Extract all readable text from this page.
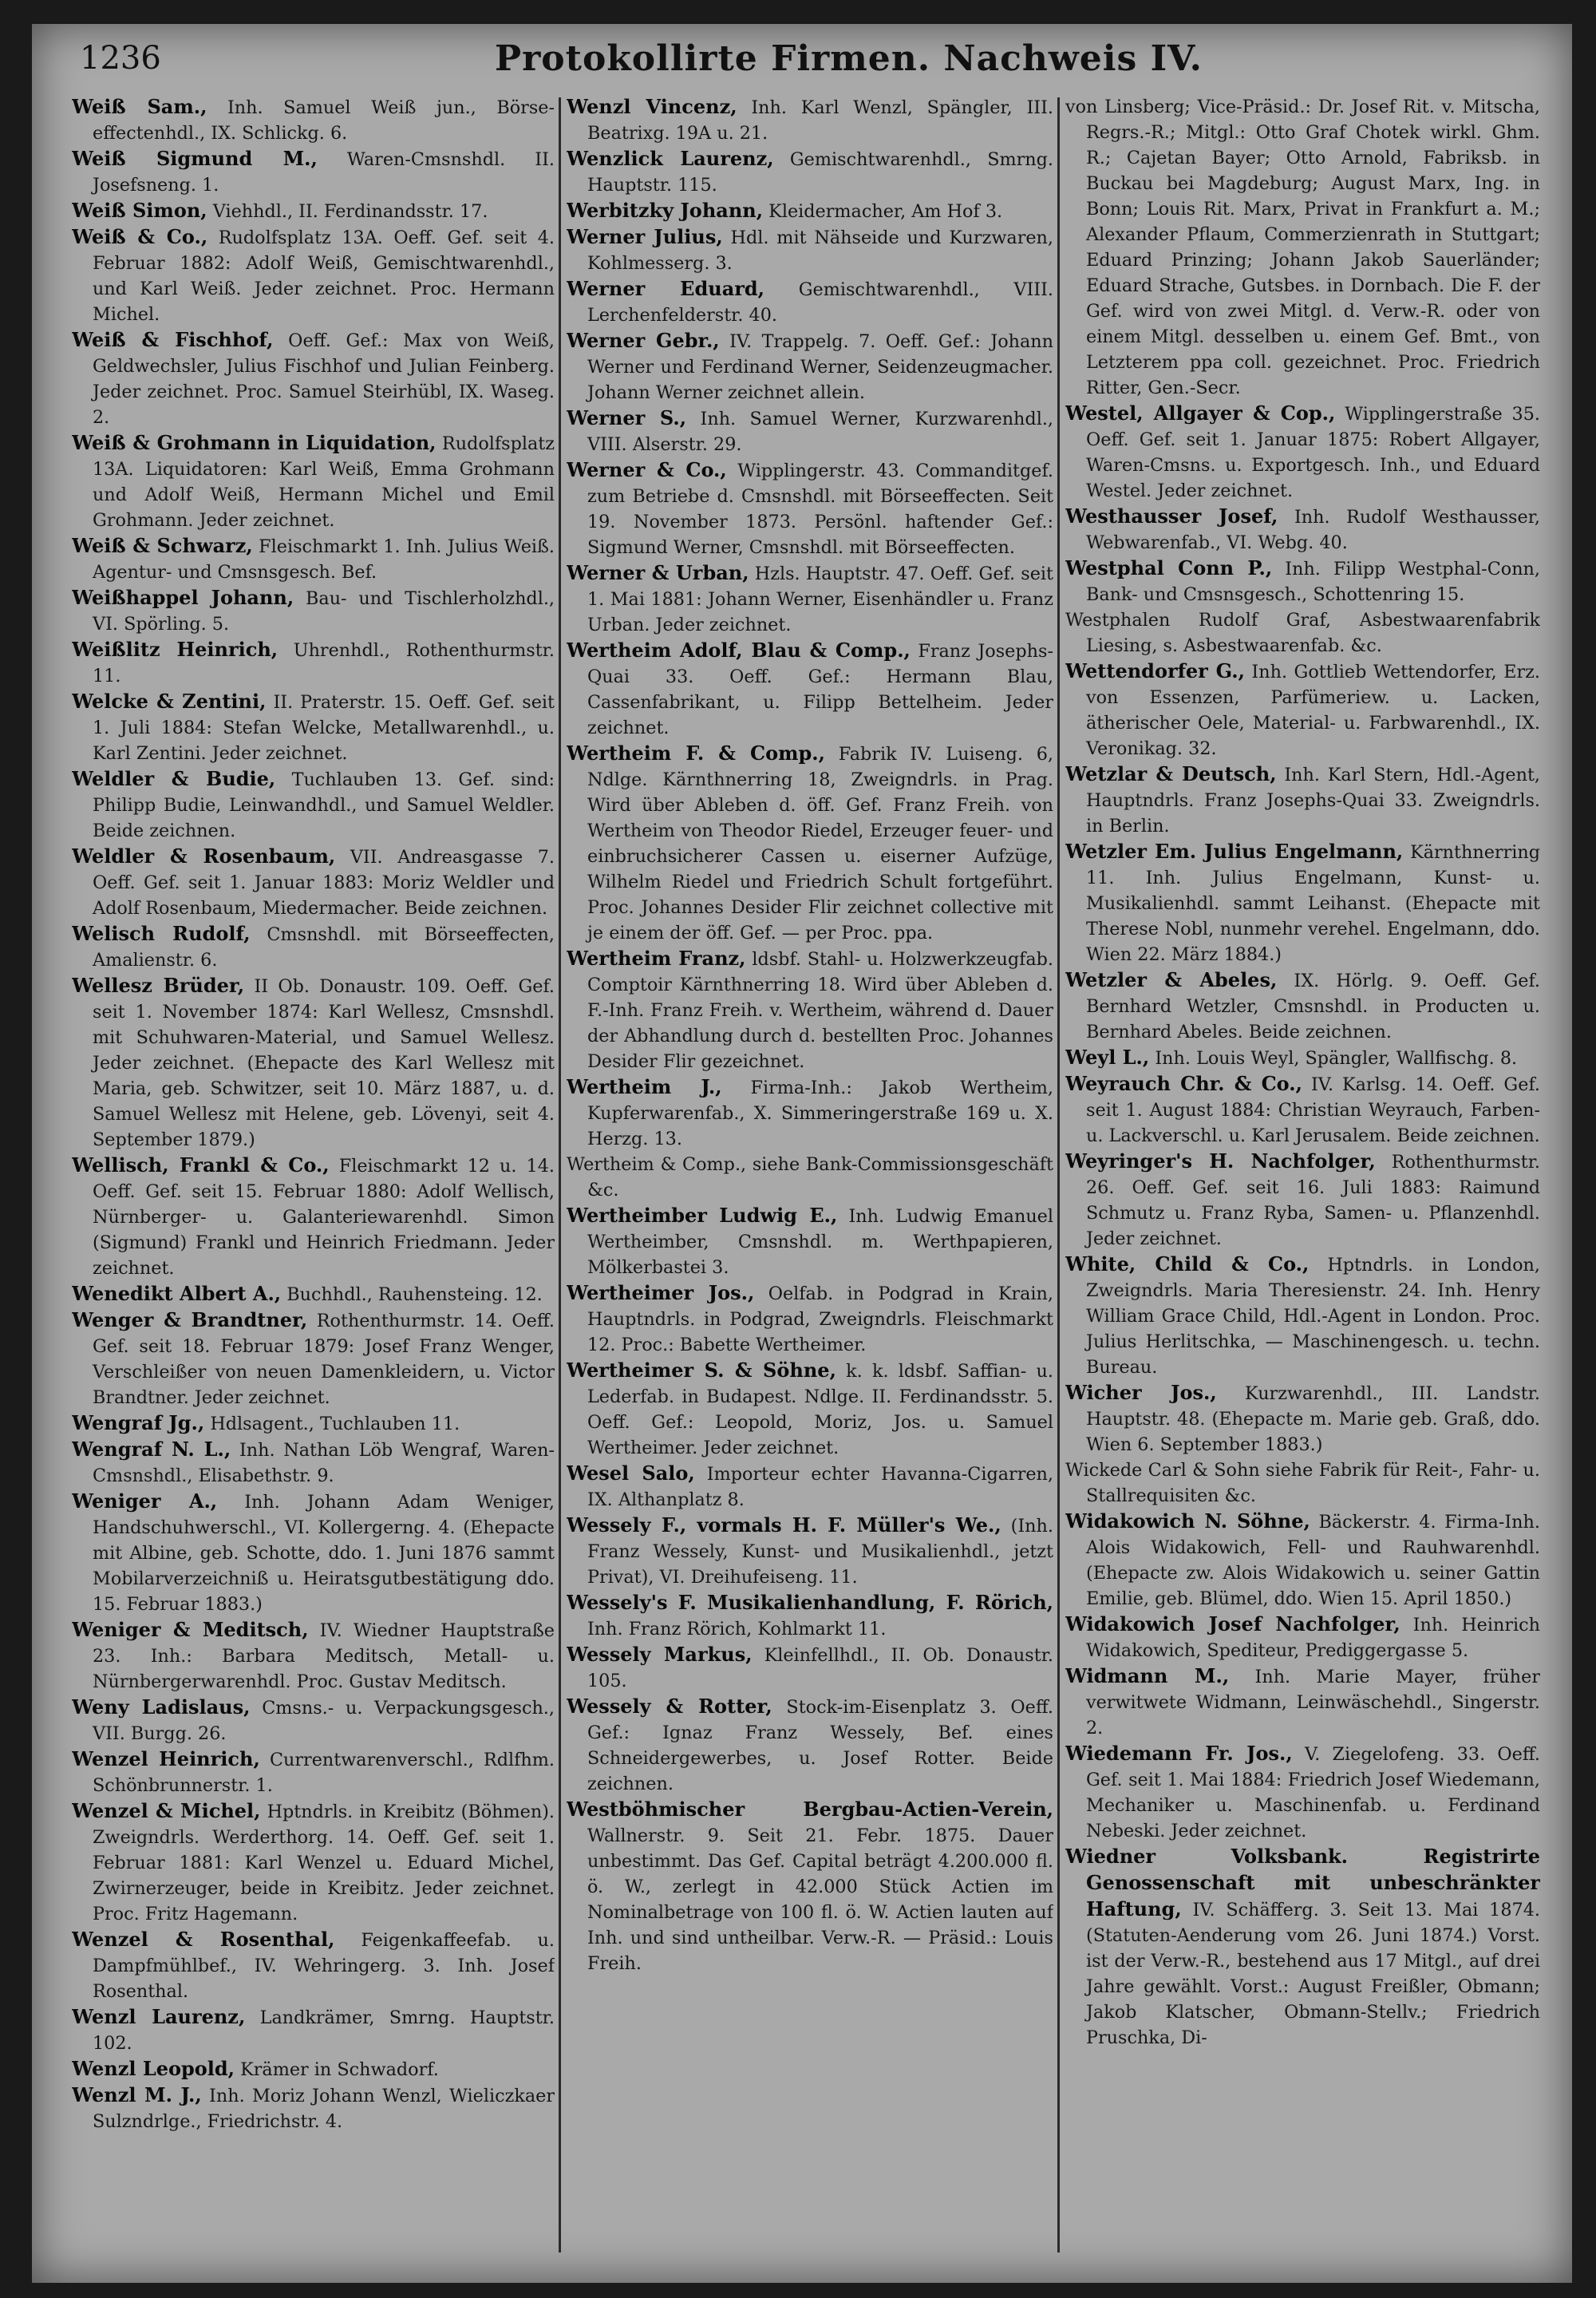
1236	Protokollirte Firmen. Nachweis IV.

Weiß Sam., Inh. Samuel Weiß jun., Börse-effectenhdl., IX. Schlickg. 6.

Weiß Sigmund M., Waren-Cmsnshdl. II. Josefsneng. 1.

Weiß Simon, Viehhdl., II. Ferdinandsstr. 17.

Weiß & Co., Rudolfsplatz 13A. Oeff. Gef. seit 4. Februar 1882: Adolf Weiß, Gemischtwarenhdl., und Karl Weiß. Jeder zeichnet. Proc. Hermann Michel.

Weiß & Fischhof, Oeff. Gef.: Max von Weiß, Geldwechsler, Julius Fischhof und Julian Feinberg. Jeder zeichnet. Proc. Samuel Steirhübl, IX. Waseg. 2.

Weiß & Grohmann in Liquidation, Rudolfsplatz 13A. Liquidatoren: Karl Weiß, Emma Grohmann und Adolf Weiß, Hermann Michel und Emil Grohmann. Jeder zeichnet.

Weiß & Schwarz, Fleischmarkt 1. Inh. Julius Weiß. Agentur- und Cmsnsgesch. Bef.

Weißhappel Johann, Bau- und Tischlerholzhdl., VI. Spörling. 5.

Weißlitz Heinrich, Uhrenhdl., Rothenthurmstr. 11.

Welcke & Zentini, II. Praterstr. 15. Oeff. Gef. seit 1. Juli 1884: Stefan Welcke, Metallwarenhdl., u. Karl Zentini. Jeder zeichnet.

Weldler & Budie, Tuchlauben 13. Gef. sind: Philipp Budie, Leinwandhdl., und Samuel Weldler. Beide zeichnen.

Weldler & Rosenbaum, VII. Andreasgasse 7. Oeff. Gef. seit 1. Januar 1883: Moriz Weldler und Adolf Rosenbaum, Miedermacher. Beide zeichnen.

Welisch Rudolf, Cmsnshdl. mit Börseeffecten, Amalienstr. 6.

Wellesz Brüder, II Ob. Donaustr. 109. Oeff. Gef. seit 1. November 1874: Karl Wellesz, Cmsnshdl. mit Schuhwaren-Material, und Samuel Wellesz. Jeder zeichnet. (Ehepacte des Karl Wellesz mit Maria, geb. Schwitzer, seit 10. März 1887, u. d. Samuel Wellesz mit Helene, geb. Lövenyi, seit 4. September 1879.)

Wellisch, Frankl & Co., Fleischmarkt 12 u. 14. Oeff. Gef. seit 15. Februar 1880: Adolf Wellisch, Nürnberger- u. Galanteriewarenhdl. Simon (Sigmund) Frankl und Heinrich Friedmann. Jeder zeichnet.

Wenedikt Albert A., Buchhdl., Rauhensteing. 12.

Wenger & Brandtner, Rothenthurmstr. 14. Oeff. Gef. seit 18. Februar 1879: Josef Franz Wenger, Verschleißer von neuen Damenkleidern, u. Victor Brandtner. Jeder zeichnet.

Wengraf Jg., Hdlsagent., Tuchlauben 11.

Wengraf N. L., Inh. Nathan Löb Wengraf, Waren-Cmsnshdl., Elisabethstr. 9.

Weniger A., Inh. Johann Adam Weniger, Handschuhwerschl., VI. Kollergerng. 4. (Ehepacte mit Albine, geb. Schotte, ddo. 1. Juni 1876 sammt Mobilarverzeichniß u. Heiratsgutbestätigung ddo. 15. Februar 1883.)

Weniger & Meditsch, IV. Wiedner Hauptstraße 23. Inh.: Barbara Meditsch, Metall- u. Nürnbergerwarenhdl. Proc. Gustav Meditsch.

Weny Ladislaus, Cmsns.- u. Verpackungsgesch., VII. Burgg. 26.

Wenzel Heinrich, Currentwarenverschl., Rdlfhm. Schönbrunnerstr. 1.

Wenzel & Michel, Hptndrls. in Kreibitz (Böhmen). Zweigndrls. Werderthorg. 14. Oeff. Gef. seit 1. Februar 1881: Karl Wenzel u. Eduard Michel, Zwirnerzeuger, beide in Kreibitz. Jeder zeichnet. Proc. Fritz Hagemann.

Wenzel & Rosenthal, Feigenkaffeefab. u. Dampfmühlbef., IV. Wehringerg. 3. Inh. Josef Rosenthal.

Wenzl Laurenz, Landkrämer, Smrng. Hauptstr. 102.

Wenzl Leopold, Krämer in Schwadorf.

Wenzl M. J., Inh. Moriz Johann Wenzl, Wieliczkaer Sulzndrlge., Friedrichstr. 4.

Wenzl Vincenz, Inh. Karl Wenzl, Spängler, III. Beatrixg. 19A u. 21.

Wenzlick Laurenz, Gemischtwarenhdl., Smrng. Hauptstr. 115.

Werbitzky Johann, Kleidermacher, Am Hof 3.

Werner Julius, Hdl. mit Nähseide und Kurzwaren, Kohlmesserg. 3.

Werner Eduard, Gemischtwarenhdl., VIII. Lerchenfelderstr. 40.

Werner Gebr., IV. Trappelg. 7. Oeff. Gef.: Johann Werner und Ferdinand Werner, Seidenzeugmacher. Johann Werner zeichnet allein.

Werner S., Inh. Samuel Werner, Kurzwarenhdl., VIII. Alserstr. 29.

Werner & Co., Wipplingerstr. 43. Commanditgef. zum Betriebe d. Cmsnshdl. mit Börseeffecten. Seit 19. November 1873. Persönl. haftender Gef.: Sigmund Werner, Cmsnshdl. mit Börseeffecten.

Werner & Urban, Hzls. Hauptstr. 47. Oeff. Gef. seit 1. Mai 1881: Johann Werner, Eisenhändler u. Franz Urban. Jeder zeichnet.

Wertheim Adolf, Blau & Comp., Franz Josephs-Quai 33. Oeff. Gef.: Hermann Blau, Cassenfabrikant, u. Filipp Bettelheim. Jeder zeichnet.

Wertheim F. & Comp., Fabrik IV. Luiseng. 6, Ndlge. Kärnthnerring 18, Zweigndrls. in Prag. Wird über Ableben d. öff. Gef. Franz Freih. von Wertheim von Theodor Riedel, Erzeuger feuer- und einbruchsicherer Cassen u. eiserner Aufzüge, Wilhelm Riedel und Friedrich Schult fortgeführt. Proc. Johannes Desider Flir zeichnet collective mit je einem der öff. Gef. — per Proc. ppa.

Wertheim Franz, ldsbf. Stahl- u. Holzwerkzeugfab. Comptoir Kärnthnerring 18. Wird über Ableben d. F.-Inh. Franz Freih. v. Wertheim, während d. Dauer der Abhandlung durch d. bestellten Proc. Johannes Desider Flir gezeichnet.

Wertheim J., Firma-Inh.: Jakob Wertheim, Kupferwarenfab., X. Simmeringerstraße 169 u. X. Herzg. 13.

Wertheim & Comp., siehe Bank-Commissionsgeschäft &c.

Wertheimber Ludwig E., Inh. Ludwig Emanuel Wertheimber, Cmsnshdl. m. Werthpapieren, Mölkerbastei 3.

Wertheimer Jos., Oelfab. in Podgrad in Krain, Hauptndrls. in Podgrad, Zweigndrls. Fleischmarkt 12. Proc.: Babette Wertheimer.

Wertheimer S. & Söhne, k. k. ldsbf. Saffian- u. Lederfab. in Budapest. Ndlge. II. Ferdinandsstr. 5. Oeff. Gef.: Leopold, Moriz, Jos. u. Samuel Wertheimer. Jeder zeichnet.

Wesel Salo, Importeur echter Havanna-Cigarren, IX. Althanplatz 8.

Wessely F., vormals H. F. Müller's We., (Inh. Franz Wessely, Kunst- und Musikalienhdl., jetzt Privat), VI. Dreihufeiseng. 11.

Wessely's F. Musikalienhandlung, F. Rörich, Inh. Franz Rörich, Kohlmarkt 11.

Wessely Markus, Kleinfellhdl., II. Ob. Donaustr. 105.

Wessely & Rotter, Stock-im-Eisenplatz 3. Oeff. Gef.: Ignaz Franz Wessely, Bef. eines Schneidergewerbes, u. Josef Rotter. Beide zeichnen.

Westböhmischer Bergbau-Actien-Verein, Wallnerstr. 9. Seit 21. Febr. 1875. Dauer unbestimmt. Das Gef. Capital beträgt 4.200.000 fl. ö. W., zerlegt in 42.000 Stück Actien im Nominalbetrage von 100 fl. ö. W. Actien lauten auf Inh. und sind untheilbar. Verw.-R. — Präsid.: Louis Freih.

von Linsberg; Vice-Präsid.: Dr. Josef Rit. v. Mitscha, Regrs.-R.; Mitgl.: Otto Graf Chotek wirkl. Ghm. R.; Cajetan Bayer; Otto Arnold, Fabriksb. in Buckau bei Magdeburg; August Marx, Ing. in Bonn; Louis Rit. Marx, Privat in Frankfurt a. M.; Alexander Pflaum, Commerzienrath in Stuttgart; Eduard Prinzing; Johann Jakob Sauerländer; Eduard Strache, Gutsbes. in Dornbach. Die F. der Gef. wird von zwei Mitgl. d. Verw.-R. oder von einem Mitgl. desselben u. einem Gef. Bmt., von Letzterem ppa coll. gezeichnet. Proc. Friedrich Ritter, Gen.-Secr.

Westel, Allgayer & Cop., Wipplingerstraße 35. Oeff. Gef. seit 1. Januar 1875: Robert Allgayer, Waren-Cmsns. u. Exportgesch. Inh., und Eduard Westel. Jeder zeichnet.

Westhausser Josef, Inh. Rudolf Westhausser, Webwarenfab., VI. Webg. 40.

Westphal Conn P., Inh. Filipp Westphal-Conn, Bank- und Cmsnsgesch., Schottenring 15.

Westphalen Rudolf Graf, Asbestwaarenfabrik Liesing, s. Asbestwaarenfab. &c.

Wettendorfer G., Inh. Gottlieb Wettendorfer, Erz. von Essenzen, Parfümeriew. u. Lacken, ätherischer Oele, Material- u. Farbwarenhdl., IX. Veronikag. 32.

Wetzlar & Deutsch, Inh. Karl Stern, Hdl.-Agent, Hauptndrls. Franz Josephs-Quai 33. Zweigndrls. in Berlin.

Wetzler Em. Julius Engelmann, Kärnthnerring 11. Inh. Julius Engelmann, Kunst- u. Musikalienhdl. sammt Leihanst. (Ehepacte mit Therese Nobl, nunmehr verehel. Engelmann, ddo. Wien 22. März 1884.)

Wetzler & Abeles, IX. Hörlg. 9. Oeff. Gef. Bernhard Wetzler, Cmsnshdl. in Producten u. Bernhard Abeles. Beide zeichnen.

Weyl L., Inh. Louis Weyl, Spängler, Wallfischg. 8.

Weyrauch Chr. & Co., IV. Karlsg. 14. Oeff. Gef. seit 1. August 1884: Christian Weyrauch, Farben- u. Lackverschl. u. Karl Jerusalem. Beide zeichnen.

Weyringer's H. Nachfolger, Rothenthurmstr. 26. Oeff. Gef. seit 16. Juli 1883: Raimund Schmutz u. Franz Ryba, Samen- u. Pflanzenhdl. Jeder zeichnet.

White, Child & Co., Hptndrls. in London, Zweigndrls. Maria Theresienstr. 24. Inh. Henry William Grace Child, Hdl.-Agent in London. Proc. Julius Herlitschka, — Maschinengesch. u. techn. Bureau.

Wicher Jos., Kurzwarenhdl., III. Landstr. Hauptstr. 48. (Ehepacte m. Marie geb. Graß, ddo. Wien 6. September 1883.)

Wickede Carl & Sohn siehe Fabrik für Reit-, Fahr- u. Stallrequisiten &c.

Widakowich N. Söhne, Bäckerstr. 4. Firma-Inh. Alois Widakowich, Fell- und Rauhwarenhdl. (Ehepacte zw. Alois Widakowich u. seiner Gattin Emilie, geb. Blümel, ddo. Wien 15. April 1850.)

Widakowich Josef Nachfolger, Inh. Heinrich Widakowich, Spediteur, Prediggergasse 5.

Widmann M., Inh. Marie Mayer, früher verwitwete Widmann, Leinwäschehdl., Singerstr. 2.

Wiedemann Fr. Jos., V. Ziegelofeng. 33. Oeff. Gef. seit 1. Mai 1884: Friedrich Josef Wiedemann, Mechaniker u. Maschinenfab. u. Ferdinand Nebeski. Jeder zeichnet.

Wiedner Volksbank. Registrirte Genossenschaft mit unbeschränkter Haftung, IV. Schäfferg. 3. Seit 13. Mai 1874. (Statuten-Aenderung vom 26. Juni 1874.) Vorst. ist der Verw.-R., bestehend aus 17 Mitgl., auf drei Jahre gewählt. Vorst.: August Freißler, Obmann; Jakob Klatscher, Obmann-Stellv.; Friedrich Pruschka, Di-
